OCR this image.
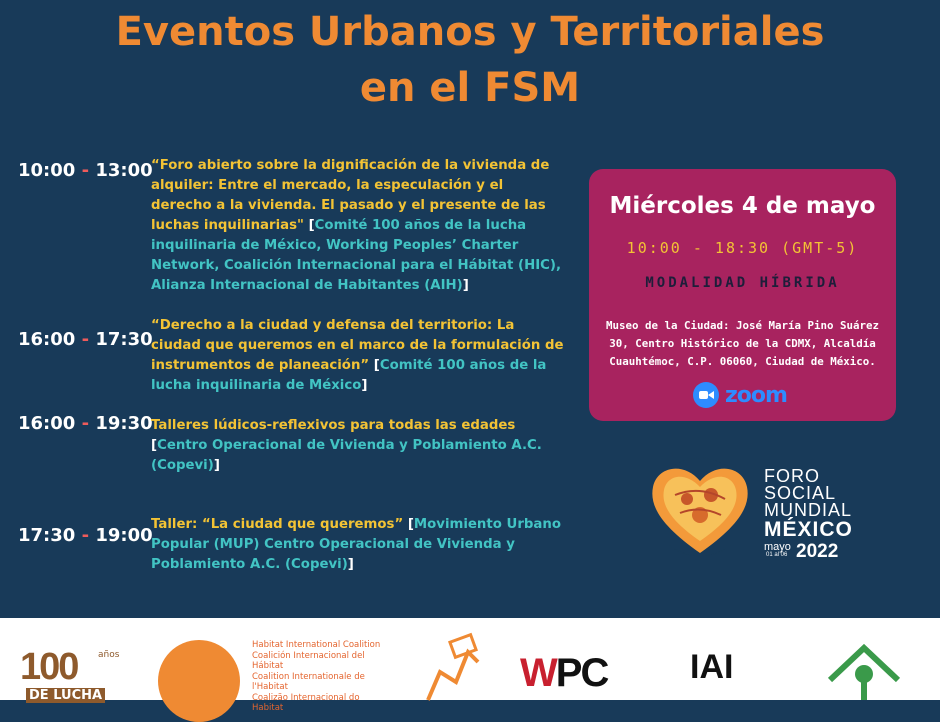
Eventos Urbanos y Territoriales
en el FSM
10:00 - 13:00
“Foro abierto sobre la dignificación de la vivienda de alquiler: Entre el mercado, la especulación y el derecho a la vivienda. El pasado y el presente de las luchas inquilinarias" [Comité 100 años de la lucha inquilinaria de México, Working Peoples’ Charter Network, Coalición Internacional para el Hábitat (HIC), Alianza Internacional de Habitantes (AIH)]
16:00 - 17:30
“Derecho a la ciudad y defensa del territorio: La ciudad que queremos en el marco de la formulación de instrumentos de planeación” [Comité 100 años de la lucha inquilinaria de México]
16:00 - 19:30
Talleres lúdicos-reflexivos para todas las edades [Centro Operacional de Vivienda y Poblamiento A.C. (Copevi)]
17:30 - 19:00
Taller: “La ciudad que queremos” [Movimiento Urbano Popular (MUP) Centro Operacional de Vivienda y Poblamiento A.C. (Copevi)]
Miércoles 4 de mayo
10:00 - 18:30 (GMT-5)
MODALIDAD HÍBRIDA
Museo de la Ciudad: José María Pino Suárez 30, Centro Histórico de la CDMX, Alcaldía Cuauhtémoc, C.P. 06060, Ciudad de México.
zoom
FORO
SOCIAL
MUNDIAL
MÉXICO
mayo
01 al 06 2022
100 años
DE LUCHA
Habitat International Coalition
Coalición Internacional del Hábitat
Coalition Internationale de l'Habitat
Coalizão Internacional do Habitat
WPC IAI
